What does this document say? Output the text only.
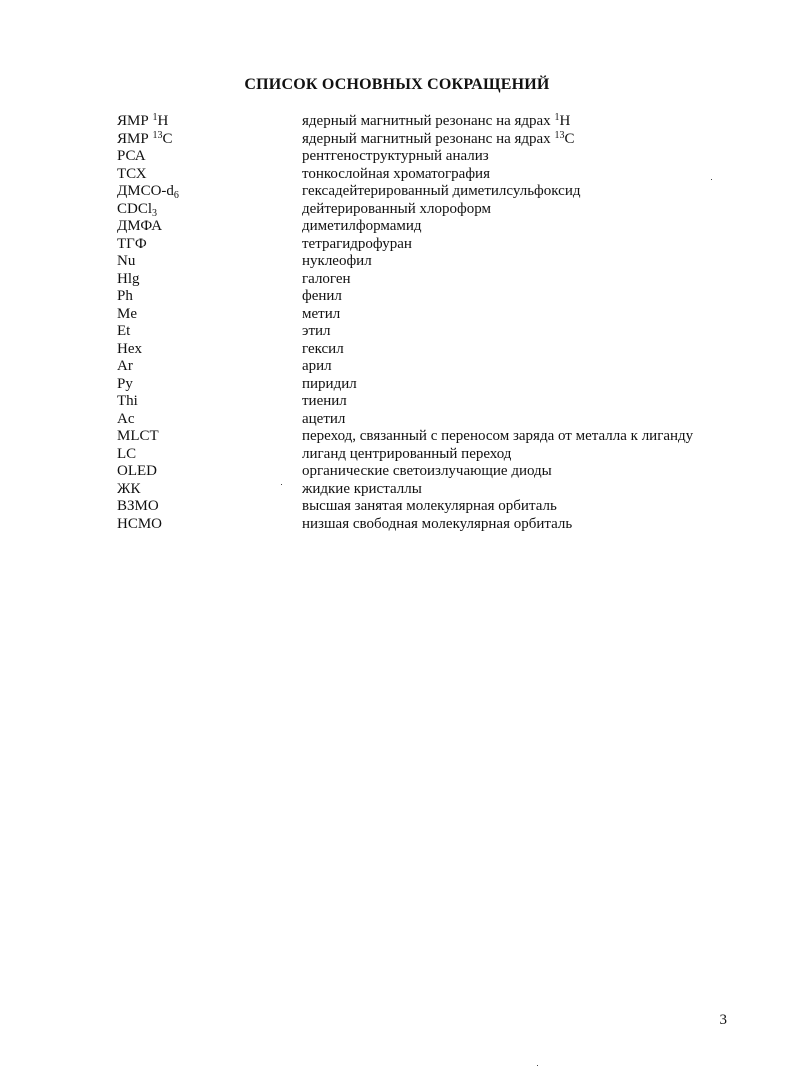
СПИСОК ОСНОВНЫХ СОКРАЩЕНИЙ
ЯМР $^1$H	ядерный магнитный резонанс на ядрах $^1$H
ЯМР $^{13}$C	ядерный магнитный резонанс на ядрах $^{13}$C
РСА	рентгеноструктурный анализ
ТСХ	тонкослойная хроматография
ДМСО-$d_6$	гексадейтерированный диметилсульфоксид
CDCl$_3$	дейтерированный хлороформ
ДМФА	диметилформамид
ТГФ	тетрагидрофуран
Nu	нуклеофил
Hlg	галоген
Ph	фенил
Me	метил
Et	этил
Hex	гексил
Ar	арил
Py	пиридил
Thi	тиенил
Ac	ацетил
MLCT	переход, связанный с переносом заряда от металла к лиганду
LC	лиганд центрированный переход
OLED	органические светоизлучающие диоды
ЖК	жидкие кристаллы
ВЗМО	высшая занятая молекулярная орбиталь
НСМО	низшая свободная молекулярная орбиталь
3
